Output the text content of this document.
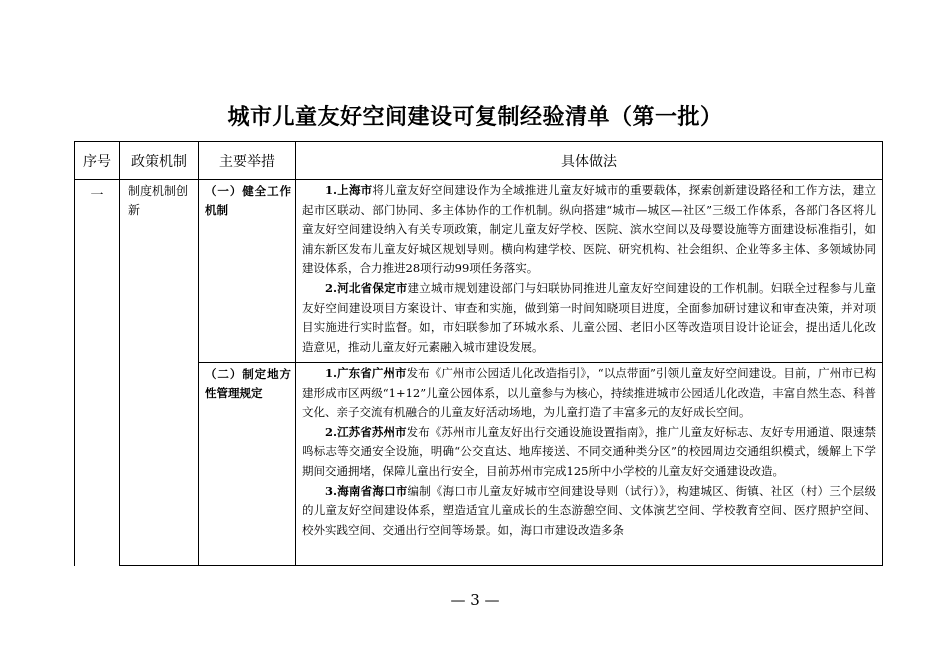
城市儿童友好空间建设可复制经验清单（第一批）
序号	政策机制	主要举措	具体做法
一	制度机制创新	（一）健全工作机制	1.上海市将儿童友好空间建设作为全域推进儿童友好城市的重要载体，探索创新建设路径和工作方法，建立起市区联动、部门协同、多主体协作的工作机制。纵向搭建“城市—城区—社区”三级工作体系，各部门各区将儿童友好空间建设纳入有关专项政策，制定儿童友好学校、医院、滨水空间以及母婴设施等方面建设标准指引，如浦东新区发布儿童友好城区规划导则。横向构建学校、医院、研究机构、社会组织、企业等多主体、多领域协同建设体系，合力推进28项行动99项任务落实。

2.河北省保定市建立城市规划建设部门与妇联协同推进儿童友好空间建设的工作机制。妇联全过程参与儿童友好空间建设项目方案设计、审查和实施，做到第一时间知晓项目进度，全面参加研讨建议和审查决策，并对项目实施进行实时监督。如，市妇联参加了环城水系、儿童公园、老旧小区等改造项目设计论证会，提出适儿化改造意见，推动儿童友好元素融入城市建设发展。

		（二）制定地方性管理规定	1.广东省广州市发布《广州市公园适儿化改造指引》，“以点带面”引领儿童友好空间建设。目前，广州市已构建形成市区两级“1+12”儿童公园体系，以儿童参与为核心，持续推进城市公园适儿化改造，丰富自然生态、科普文化、亲子交流有机融合的儿童友好活动场地，为儿童打造了丰富多元的友好成长空间。

2.江苏省苏州市发布《苏州市儿童友好出行交通设施设置指南》，推广儿童友好标志、友好专用通道、限速禁鸣标志等交通安全设施，明确“公交直达、地库接送、不同交通种类分区”的校园周边交通组织模式，缓解上下学期间交通拥堵，保障儿童出行安全，目前苏州市完成125所中小学校的儿童友好交通建设改造。

3.海南省海口市编制《海口市儿童友好城市空间建设导则（试行）》，构建城区、街镇、社区（村）三个层级的儿童友好空间建设体系，塑造适宜儿童成长的生态游憩空间、文体演艺空间、学校教育空间、医疗照护空间、校外实践空间、交通出行空间等场景。如，海口市建设改造多条

— 3 —
